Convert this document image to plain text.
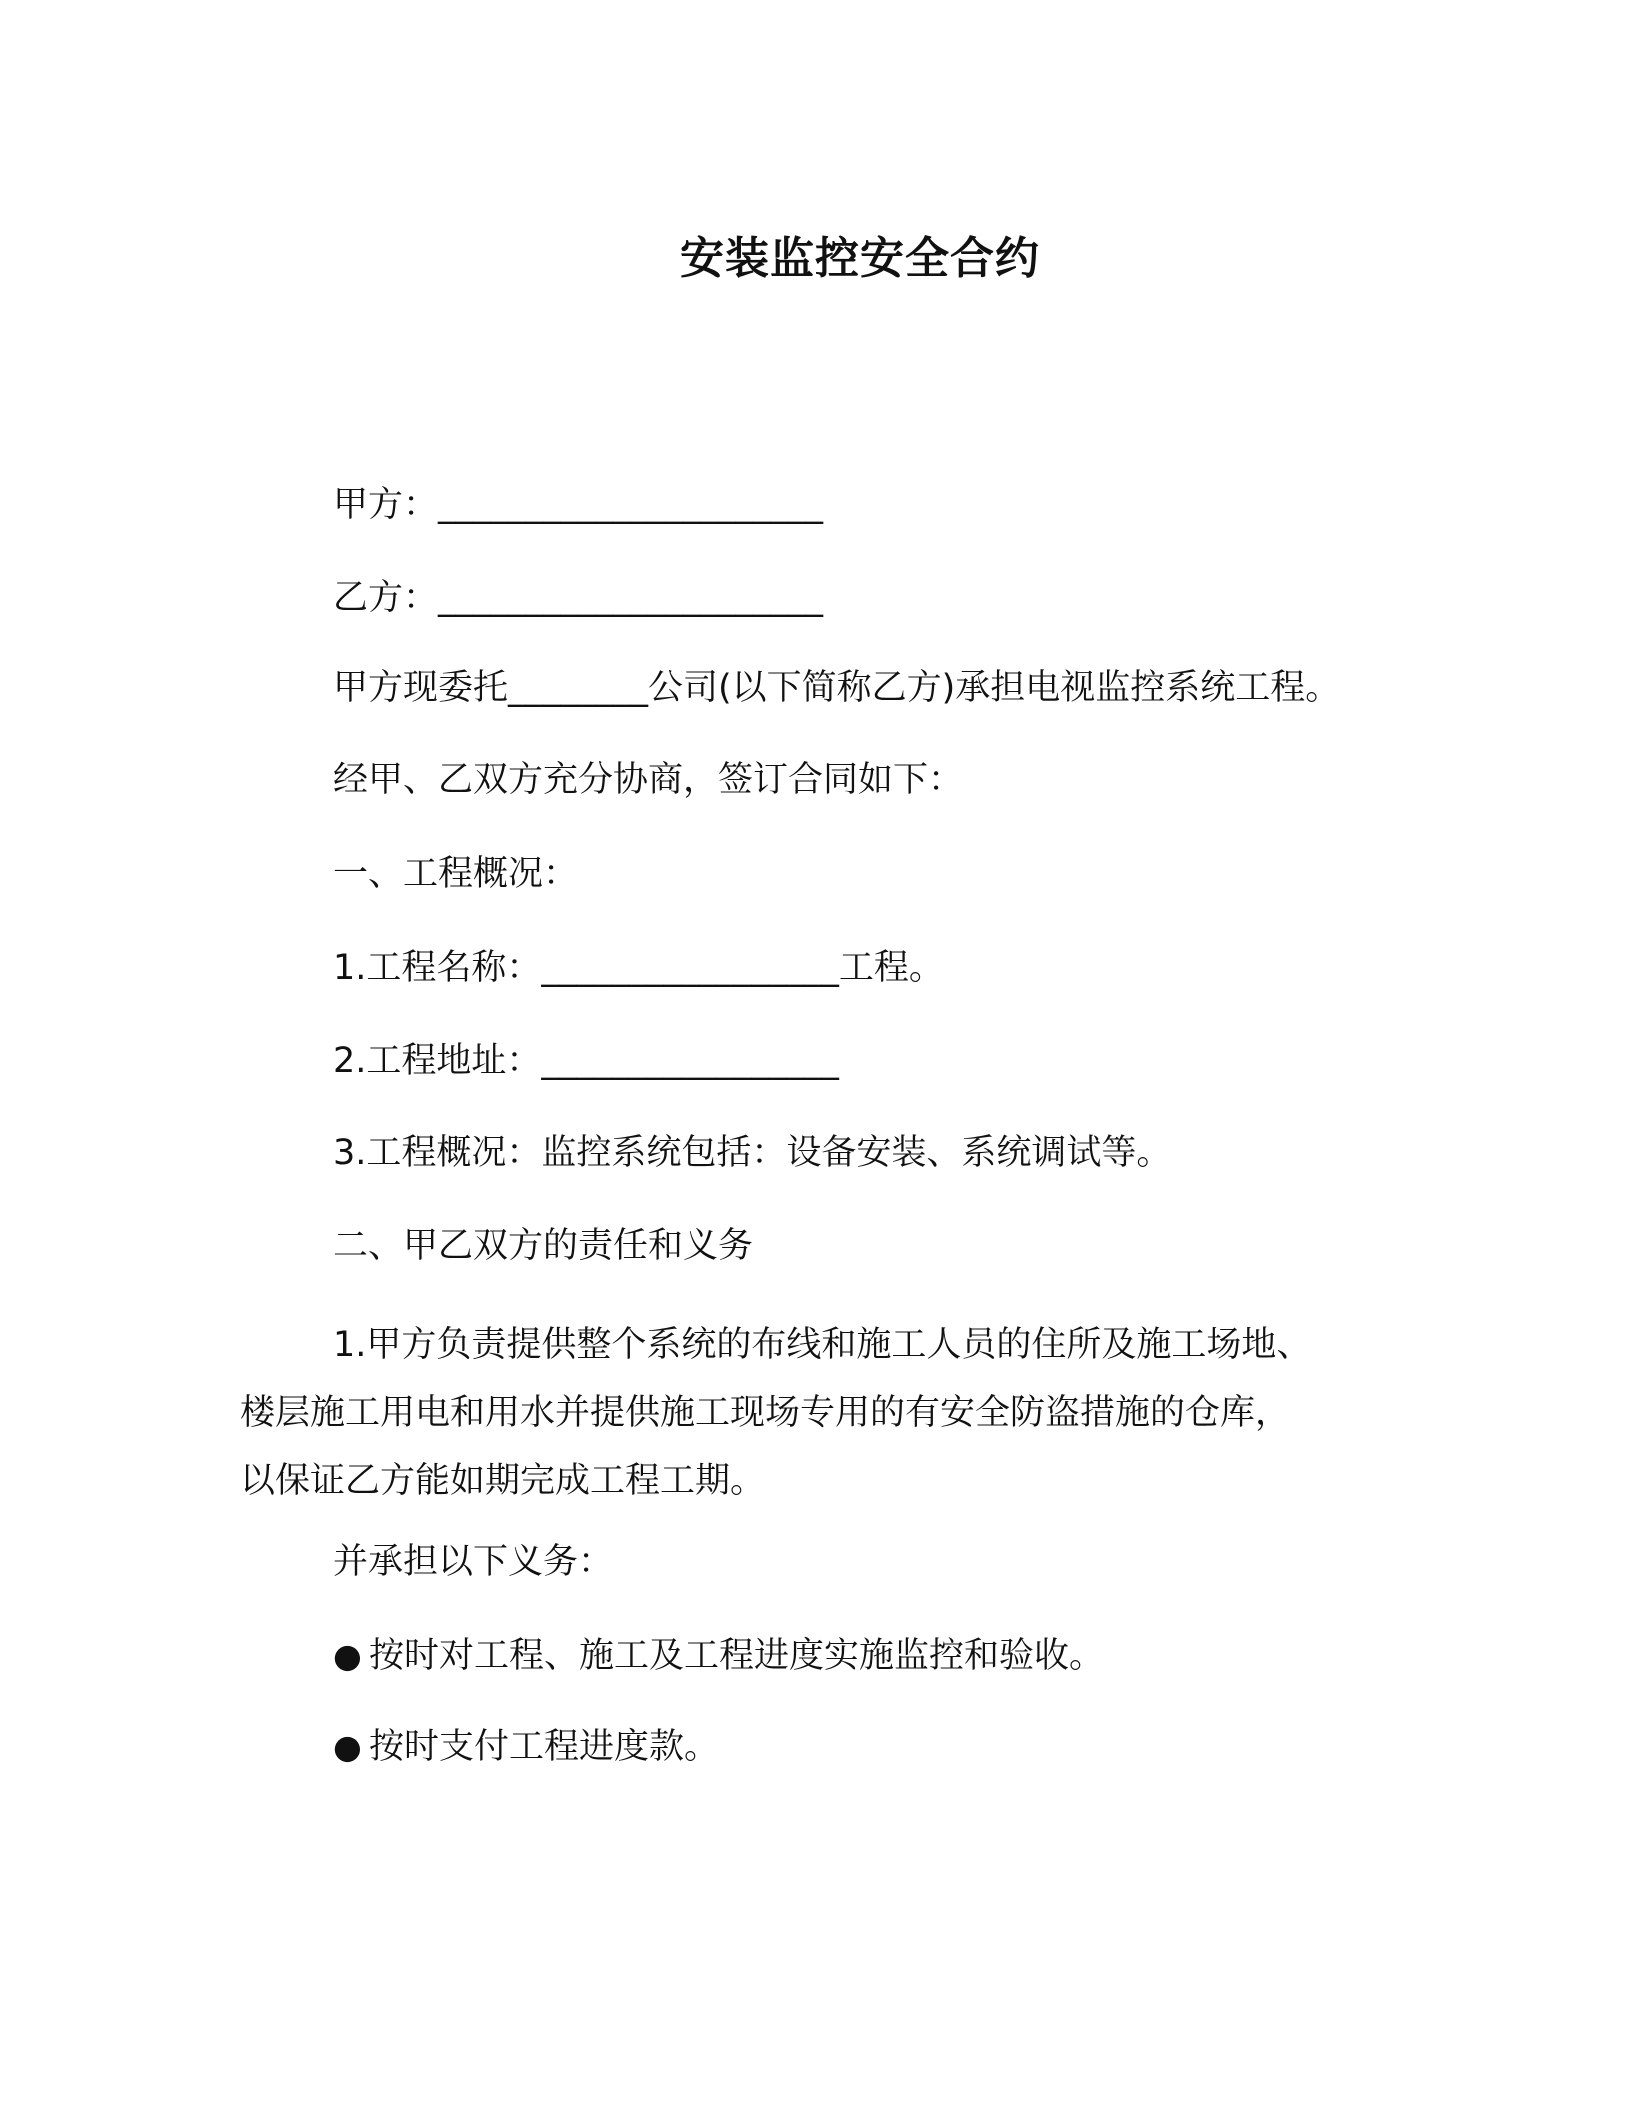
安装监控安全合约
甲方：______________________
乙方：______________________
甲方现委托________公司(以下简称乙方)承担电视监控系统工程。
经甲、乙双方充分协商，签订合同如下：
一、工程概况：
1.工程名称：_________________工程。
2.工程地址：_________________
3.工程概况：监控系统包括：设备安装、系统调试等。
二、甲乙双方的责任和义务
1.甲方负责提供整个系统的布线和施工人员的住所及施工场地、
楼层施工用电和用水并提供施工现场专用的有安全防盗措施的仓库，
以保证乙方能如期完成工程工期。
并承担以下义务：
● 按时对工程、施工及工程进度实施监控和验收。
● 按时支付工程进度款。
